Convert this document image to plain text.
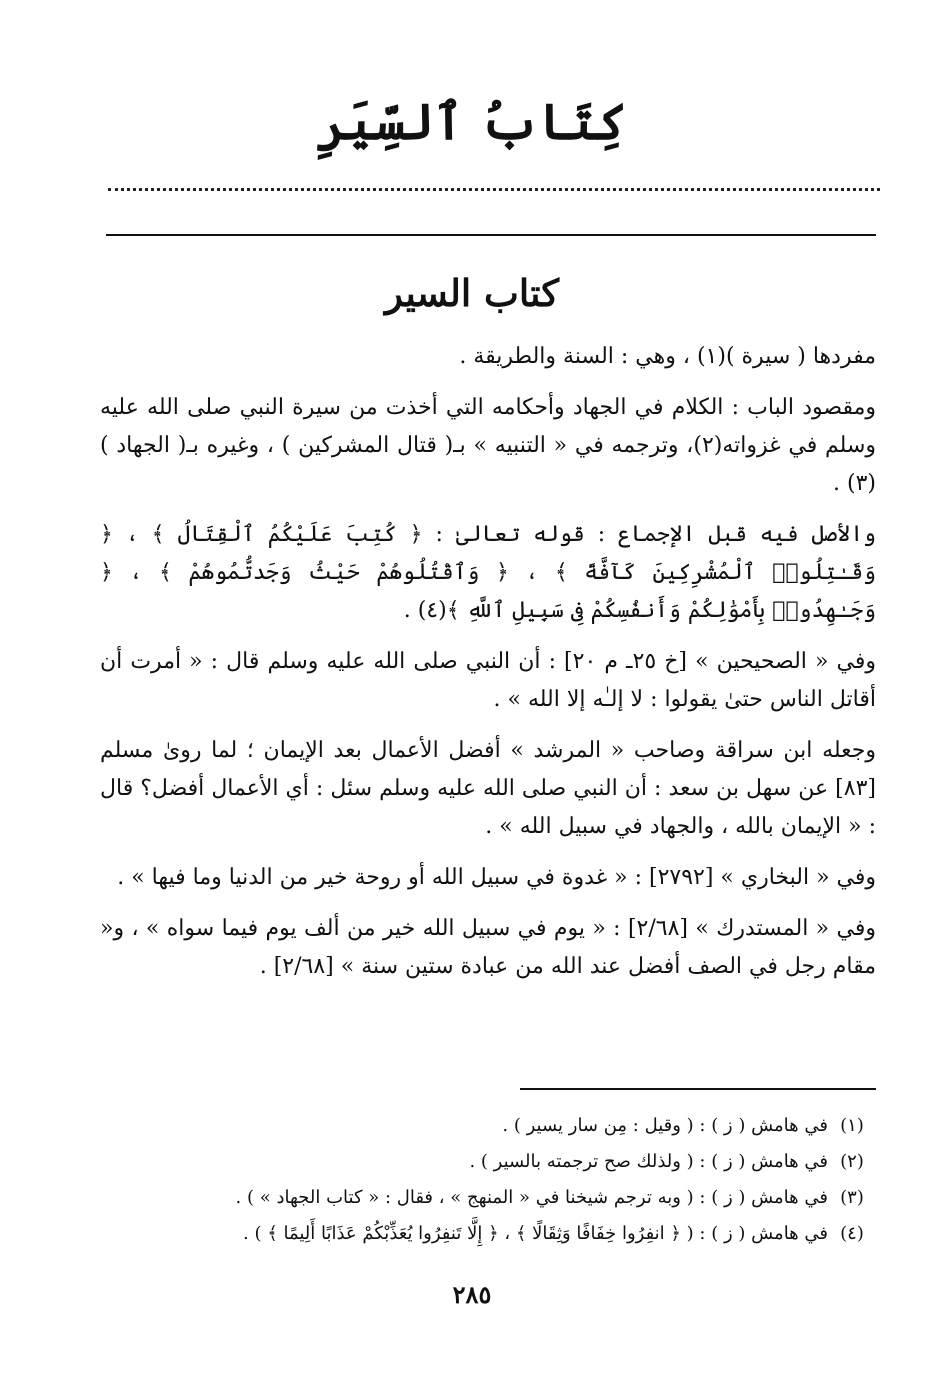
كِتَابُ ٱلسِّيَرِ
كتاب السير

مفردها ( سيرة )(١) ، وهي : السنة والطريقة .

ومقصود الباب : الكلام في الجهاد وأحكامه التي أخذت من سيرة النبي صلى الله عليه وسلم في غزواته(٢)، وترجمه في « التنبيه » بـ( قتال المشركين ) ، وغيره بـ( الجهاد )(٣) .

والأصل فيه قبل الإجماع : قوله تعالىٰ : ﴿ كُتِبَ عَلَيْكُمُ ٱلْقِتَالُ ﴾ ، ﴿ وَقَـٰتِلُوا۟ ٱلْمُشْرِكِينَ كَآفَّةً ﴾ ، ﴿ وَٱقْتُلُوهُمْ حَيْثُ وَجَدتُّمُوهُمْ ﴾ ، ﴿ وَجَـٰهِدُوا۟ بِأَمْوَٰلِكُمْ وَأَنفُسِكُمْ فِى سَبِيلِ ٱللَّهِ ﴾(٤) .

وفي « الصحيحين » [خ ٢٥ـ م ٢٠] : أن النبي صلى الله عليه وسلم قال : « أمرت أن أقاتل الناس حتىٰ يقولوا : لا إلـٰه إلا الله » .

وجعله ابن سراقة وصاحب « المرشد » أفضل الأعمال بعد الإيمان ؛ لما روىٰ مسلم [٨٣] عن سهل بن سعد : أن النبي صلى الله عليه وسلم سئل : أي الأعمال أفضل؟ قال : « الإيمان بالله ، والجهاد في سبيل الله » .

وفي « البخاري » [٢٧٩٢] : « غدوة في سبيل الله أو روحة خير من الدنيا وما فيها » .

وفي « المستدرك » [٢/٦٨] : « يوم في سبيل الله خير من ألف يوم فيما سواه » ، و« مقام رجل في الصف أفضل عند الله من عبادة ستين سنة » [٢/٦٨] .

(١)
في هامش ( ز ) : ( وقيل : مِن سار يسير ) .
(٢)
في هامش ( ز ) : ( ولذلك صح ترجمته بالسير ) .
(٣)
في هامش ( ز ) : ( وبه ترجم شيخنا في « المنهج » ، فقال : « كتاب الجهاد » ) .
(٤)
في هامش ( ز ) : ( ﴿ انفِرُوا خِفَافًا وَثِقَالًا ﴾ ، ﴿ إِلَّا تَنفِرُوا يُعَذِّبْكُمْ عَذَابًا أَلِيمًا ﴾ ) .
٢٨٥
